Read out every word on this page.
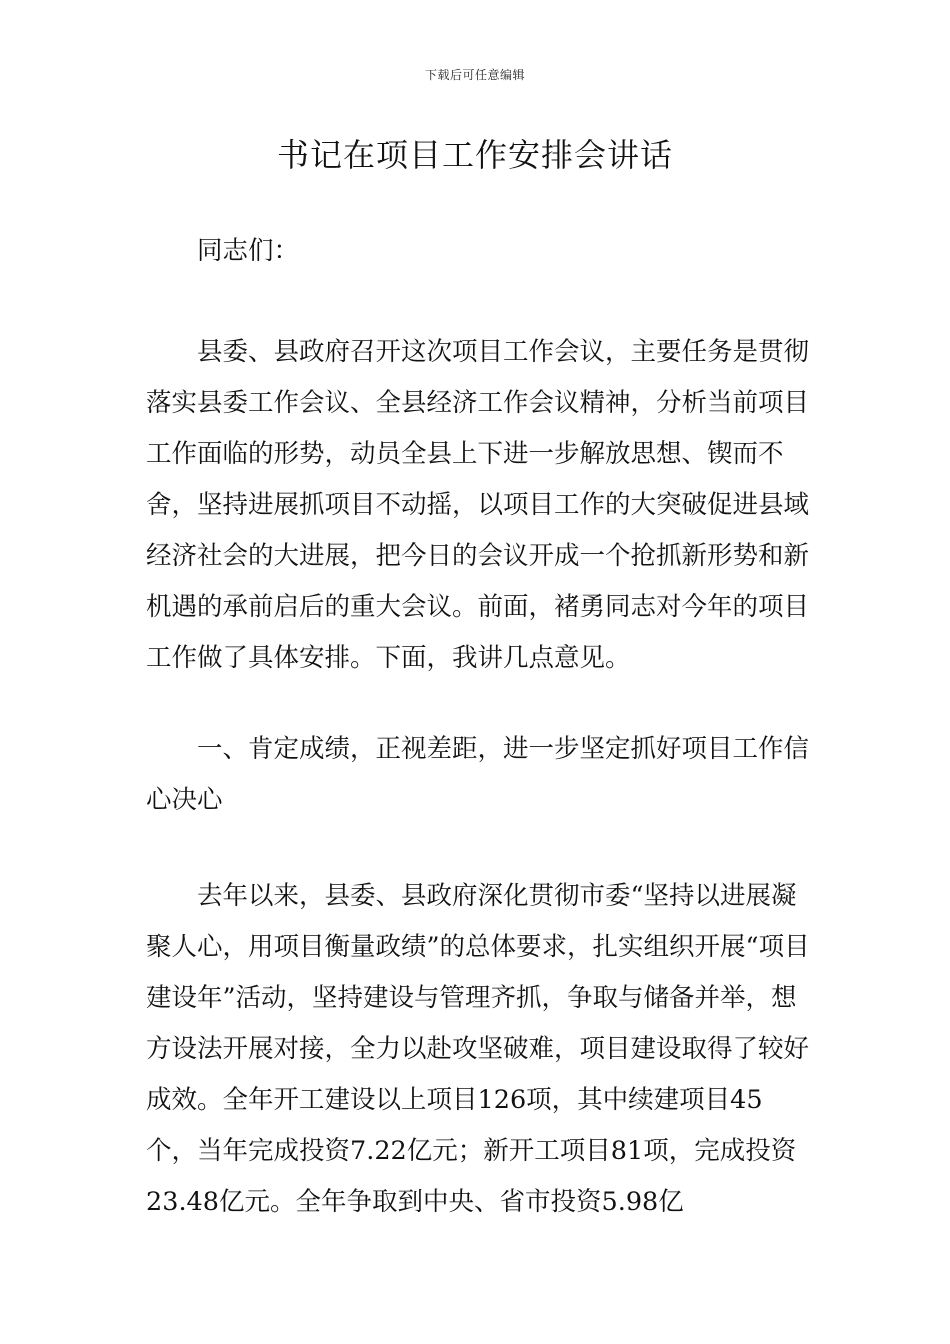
下载后可任意编辑
书记在项目工作安排会讲话

同志们：

县委、县政府召开这次项目工作会议，主要任务是贯彻落实县委工作会议、全县经济工作会议精神，分析当前项目工作面临的形势，动员全县上下进一步解放思想、锲而不舍，坚持进展抓项目不动摇，以项目工作的大突破促进县域经济社会的大进展，把今日的会议开成一个抢抓新形势和新机遇的承前启后的重大会议。前面，褚勇同志对今年的项目工作做了具体安排。下面，我讲几点意见。

一、肯定成绩，正视差距，进一步坚定抓好项目工作信心决心

去年以来，县委、县政府深化贯彻市委“坚持以进展凝聚人心，用项目衡量政绩”的总体要求，扎实组织开展“项目建设年”活动，坚持建设与管理齐抓，争取与储备并举，想方设法开展对接，全力以赴攻坚破难，项目建设取得了较好成效。全年开工建设以上项目126项，其中续建项目45个，当年完成投资7.22亿元；新开工项目81项，完成投资23.48亿元。全年争取到中央、省市投资5.98亿
